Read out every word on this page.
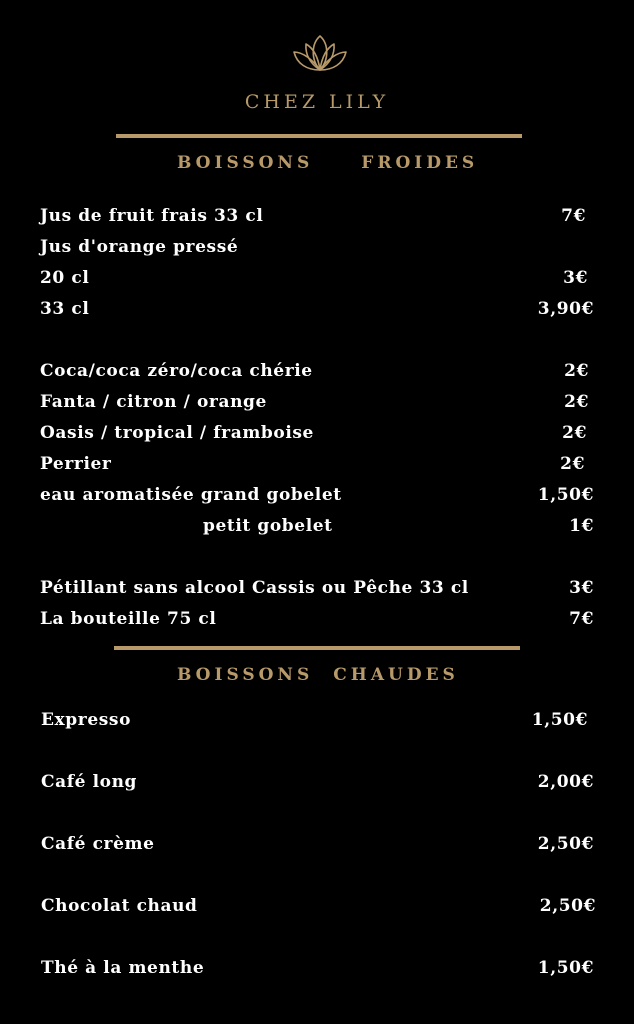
CHEZ LILY
BOISSONS	FROIDES
Jus de fruit frais 33 cl	7€
Jus d'orange pressé
20 cl	3€
33 cl	3,90€
Coca/coca zéro/coca chérie	2€
Fanta / citron / orange	2€
Oasis / tropical / framboise	2€
Perrier	2€
eau aromatisée grand gobelet	1,50€
petit gobelet	1€
Pétillant sans alcool Cassis ou Pêche 33 cl	3€
La bouteille 75 cl	7€
BOISSONS CHAUDES
Expresso	1,50€
Café long	2,00€
Café crème	2,50€
Chocolat chaud	2,50€
Thé à la menthe	1,50€
